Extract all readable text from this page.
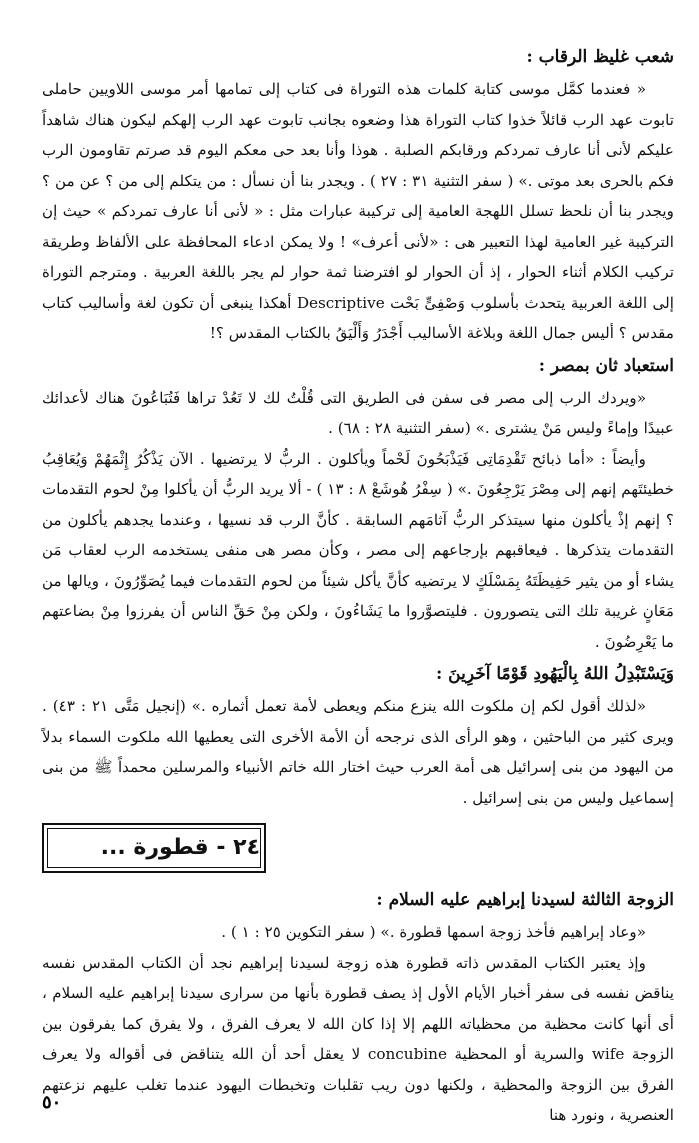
شعب غليظ الرقاب :

« فعندما كمَّل موسى كتابة كلمات هذه التوراة فى كتاب إلى تمامها أمر موسى اللاويين حاملى تابوت عهد الرب قائلاً خذوا كتاب التوراة هذا وضعوه بجانب تابوت عهد الرب إلهكم ليكون هناك شاهداً عليكم لأنى أنا عارف تمردكم ورقابكم الصلبة . هوذا وأنا بعد حى معكم اليوم قد صرتم تقاومون الرب فكم بالحرى بعد موتى .» ( سفر التثنية ٣١ : ٢٧ ) . ويجدر بنا أن نسأل : من يتكلم إلى من ؟ عن من ؟ ويجدر بنا أن نلحظ تسلل اللهجة العامية إلى تركيبة عبارات مثل : « لأنى أنا عارف تمردكم » حيث إن التركيبة غير العامية لهذا التعبير هى : «لأنى أعرف» ! ولا يمكن ادعاء المحافظة على الألفاظ وطريقة تركيب الكلام أثناء الحوار ، إذ أن الحوار لو افترضنا ثمة حوار لم يجر باللغة العربية . ومترجم التوراة إلى اللغة العربية يتحدث بأسلوب وَصْفِىٍّ بَحْت Descriptive أهكذا ينبغى أن تكون لغة وأساليب كتاب مقدس ؟ أليس جمال اللغة وبلاغة الأساليب أَجْدَرُ وَأَلْيَقُ بالكتاب المقدس ؟!

استعباد ثان بمصر :

«ويردك الرب إلى مصر فى سفن فى الطريق التى قُلْتُ لك لا تَعُدْ تراها فَتُبَاعُونَ هناك لأعدائك عبيدًا وإماءً وليس مَنْ يشترى .» (سفر التثنية ٢٨ : ٦٨) .

وأيضاً : «أما ذبائح تَقْدِمَاتِى فَيَذْبَحُونَ لَحْماً ويأكلون . الربُّ لا يرتضيها . الآن يَذْكُرُ إِثْمَهُمْ وَيُعَاقِبُ خطيئتَهم إنهم إلى مِصْرَ يَرْجِعُونَ .» ( سِفْرُ هُوشَعْ ٨ : ١٣ ) - ألا يريد الربُّ أن يأكلوا مِنْ لحوم التقدمات ؟ إنهم إذْ يأكلون منها سيتذكر الربُّ آثامَهم السابقة . كأنَّ الرب قد نسيها ، وعندما يجدهم يأكلون من التقدمات يتذكرها . فيعاقبهم بإرجاعهم إلى مصر ، وكأن مصر هى منفى يستخدمه الرب لعقاب مَن يشاء أو من يثير حَفِيظَتَهُ بِمَسْلَكٍ لا يرتضيه كأنَّ يأكل شيئاً من لحوم التقدمات فيما يُصَوِّرُونَ ، ويالها من مَعَانٍ غريبة تلك التى يتصورون . فليتصوَّروا ما يَشَاءُونَ ، ولكن مِنْ حَقِّ الناس أن يفرزوا مِنْ بضاعتهم ما يَعْرِضُونَ .

وَيَسْتَبْدِلُ اللهُ بِالْيَهُودِ قَوْمًا آخَرِينَ :

«لذلك أقول لكم إن ملكوت الله ينزع منكم ويعطى لأمة تعمل أثماره .» (إنجيل مَتَّى ٢١ : ٤٣) . ويرى كثير من الباحثين ، وهو الرأى الذى نرجحه أن الأمة الأخرى التى يعطيها الله ملكوت السماء بدلاً من اليهود من بنى إسرائيل هى أمة العرب حيث اختار الله خاتم الأنبياء والمرسلين محمداً ﷺ من بنى إسماعيل وليس من بنى إسرائيل .

٢٤ - قطورة ...

الزوجة الثالثة لسيدنا إبراهيم عليه السلام :

«وعاد إبراهيم فأخذ زوجة اسمها قطورة .» ( سفر التكوين ٢٥ : ١ ) .

وإذ يعتبر الكتاب المقدس ذاته قطورة هذه زوجة لسيدنا إبراهيم نجد أن الكتاب المقدس نفسه يناقض نفسه فى سفر أخبار الأيام الأول إذ يصف قطورة بأنها من سرارى سيدنا إبراهيم عليه السلام ، أى أنها كانت محظية من محظياته اللهم إلا إذا كان الله لا يعرف الفرق ، ولا يفرق كما يفرقون بين الزوجة wife والسرية أو المحظية concubine لا يعقل أحد أن الله يتناقض فى أقواله ولا يعرف الفرق بين الزوجة والمحظية ، ولكنها دون ريب تقلبات وتخبطات اليهود عندما تغلب عليهم نزعتهم العنصرية ، ونورد هنا

٥٠
